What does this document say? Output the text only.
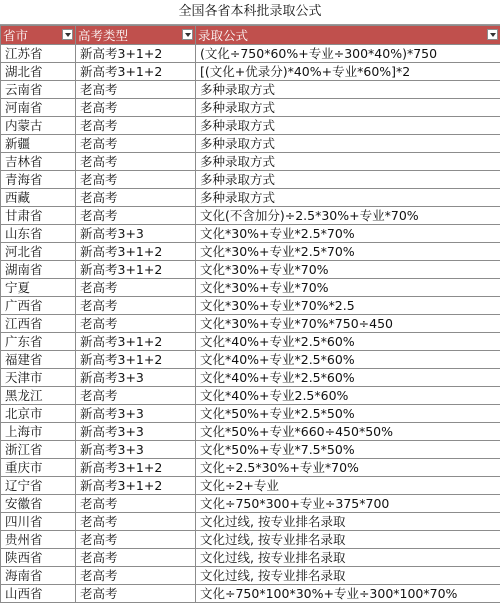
全国各省本科批录取公式
省市	高考类型	录取公式

江苏省	新高考3+1+2	(文化÷750*60%+专业÷300*40%)*750
湖北省	新高考3+1+2	[(文化+优录分)*40%+专业*60%]*2
云南省	老高考	多种录取方式
河南省	老高考	多种录取方式
内蒙古	老高考	多种录取方式
新疆	老高考	多种录取方式
吉林省	老高考	多种录取方式
青海省	老高考	多种录取方式
西藏	老高考	多种录取方式
甘肃省	老高考	文化(不含加分)÷2.5*30%+专业*70%
山东省	新高考3+3	文化*30%+专业*2.5*70%
河北省	新高考3+1+2	文化*30%+专业*2.5*70%
湖南省	新高考3+1+2	文化*30%+专业*70%
宁夏	老高考	文化*30%+专业*70%
广西省	老高考	文化*30%+专业*70%*2.5
江西省	老高考	文化*30%+专业*70%*750÷450
广东省	新高考3+1+2	文化*40%+专业*2.5*60%
福建省	新高考3+1+2	文化*40%+专业*2.5*60%
天津市	新高考3+3	文化*40%+专业*2.5*60%
黑龙江	老高考	文化*40%+专业2.5*60%
北京市	新高考3+3	文化*50%+专业*2.5*50%
上海市	新高考3+3	文化*50%+专业*660÷450*50%
浙江省	新高考3+3	文化*50%+专业*7.5*50%
重庆市	新高考3+1+2	文化÷2.5*30%+专业*70%
辽宁省	新高考3+1+2	文化÷2+专业
安徽省	老高考	文化÷750*300+专业÷375*700
四川省	老高考	文化过线, 按专业排名录取
贵州省	老高考	文化过线, 按专业排名录取
陕西省	老高考	文化过线, 按专业排名录取
海南省	老高考	文化过线, 按专业排名录取
山西省	老高考	文化÷750*100*30%+专业÷300*100*70%
